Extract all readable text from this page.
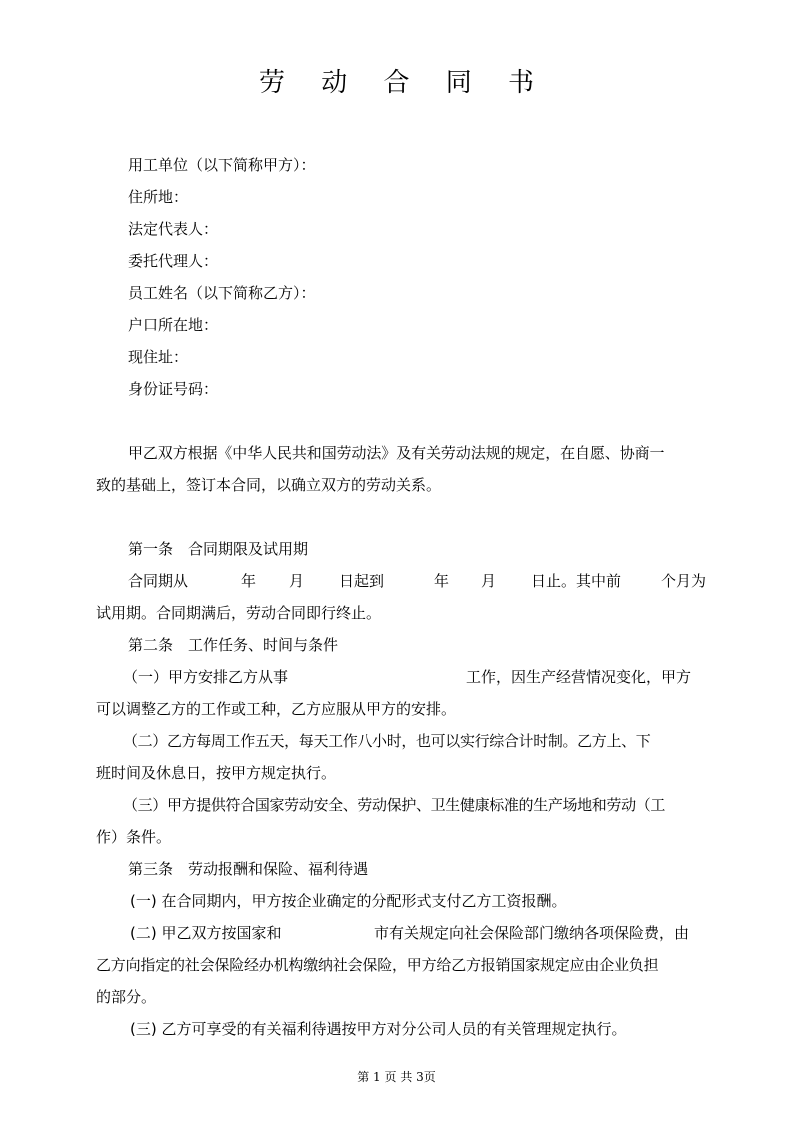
劳 动 合 同 书
用工单位（以下简称甲方）：
住所地：
法定代表人：
委托代理人：
员工姓名（以下简称乙方）：
户口所在地：
现住址：
身份证号码：
甲乙双方根据《中华人民共和国劳动法》及有关劳动法规的规定，在自愿、协商一
致的基础上，签订本合同，以确立双方的劳动关系。
第一条　合同期限及试用期
合同期从	年 月 日起到	年 月 日止。其中前	个月为
试用期。合同期满后，劳动合同即行终止。
第二条　工作任务、时间与条件
（一）甲方安排乙方从事	工作，因生产经营情况变化，甲方
可以调整乙方的工作或工种，乙方应服从甲方的安排。
（二）乙方每周工作五天，每天工作八小时，也可以实行综合计时制。乙方上、下
班时间及休息日，按甲方规定执行。
（三）甲方提供符合国家劳动安全、劳动保护、卫生健康标准的生产场地和劳动（工
作）条件。
第三条　劳动报酬和保险、福利待遇
(一) 在合同期内，甲方按企业确定的分配形式支付乙方工资报酬。
(二) 甲乙双方按国家和	市有关规定向社会保险部门缴纳各项保险费，由
乙方向指定的社会保险经办机构缴纳社会保险，甲方给乙方报销国家规定应由企业负担
的部分。
(三) 乙方可享受的有关福利待遇按甲方对分公司人员的有关管理规定执行。
第 1 页 共 3页
